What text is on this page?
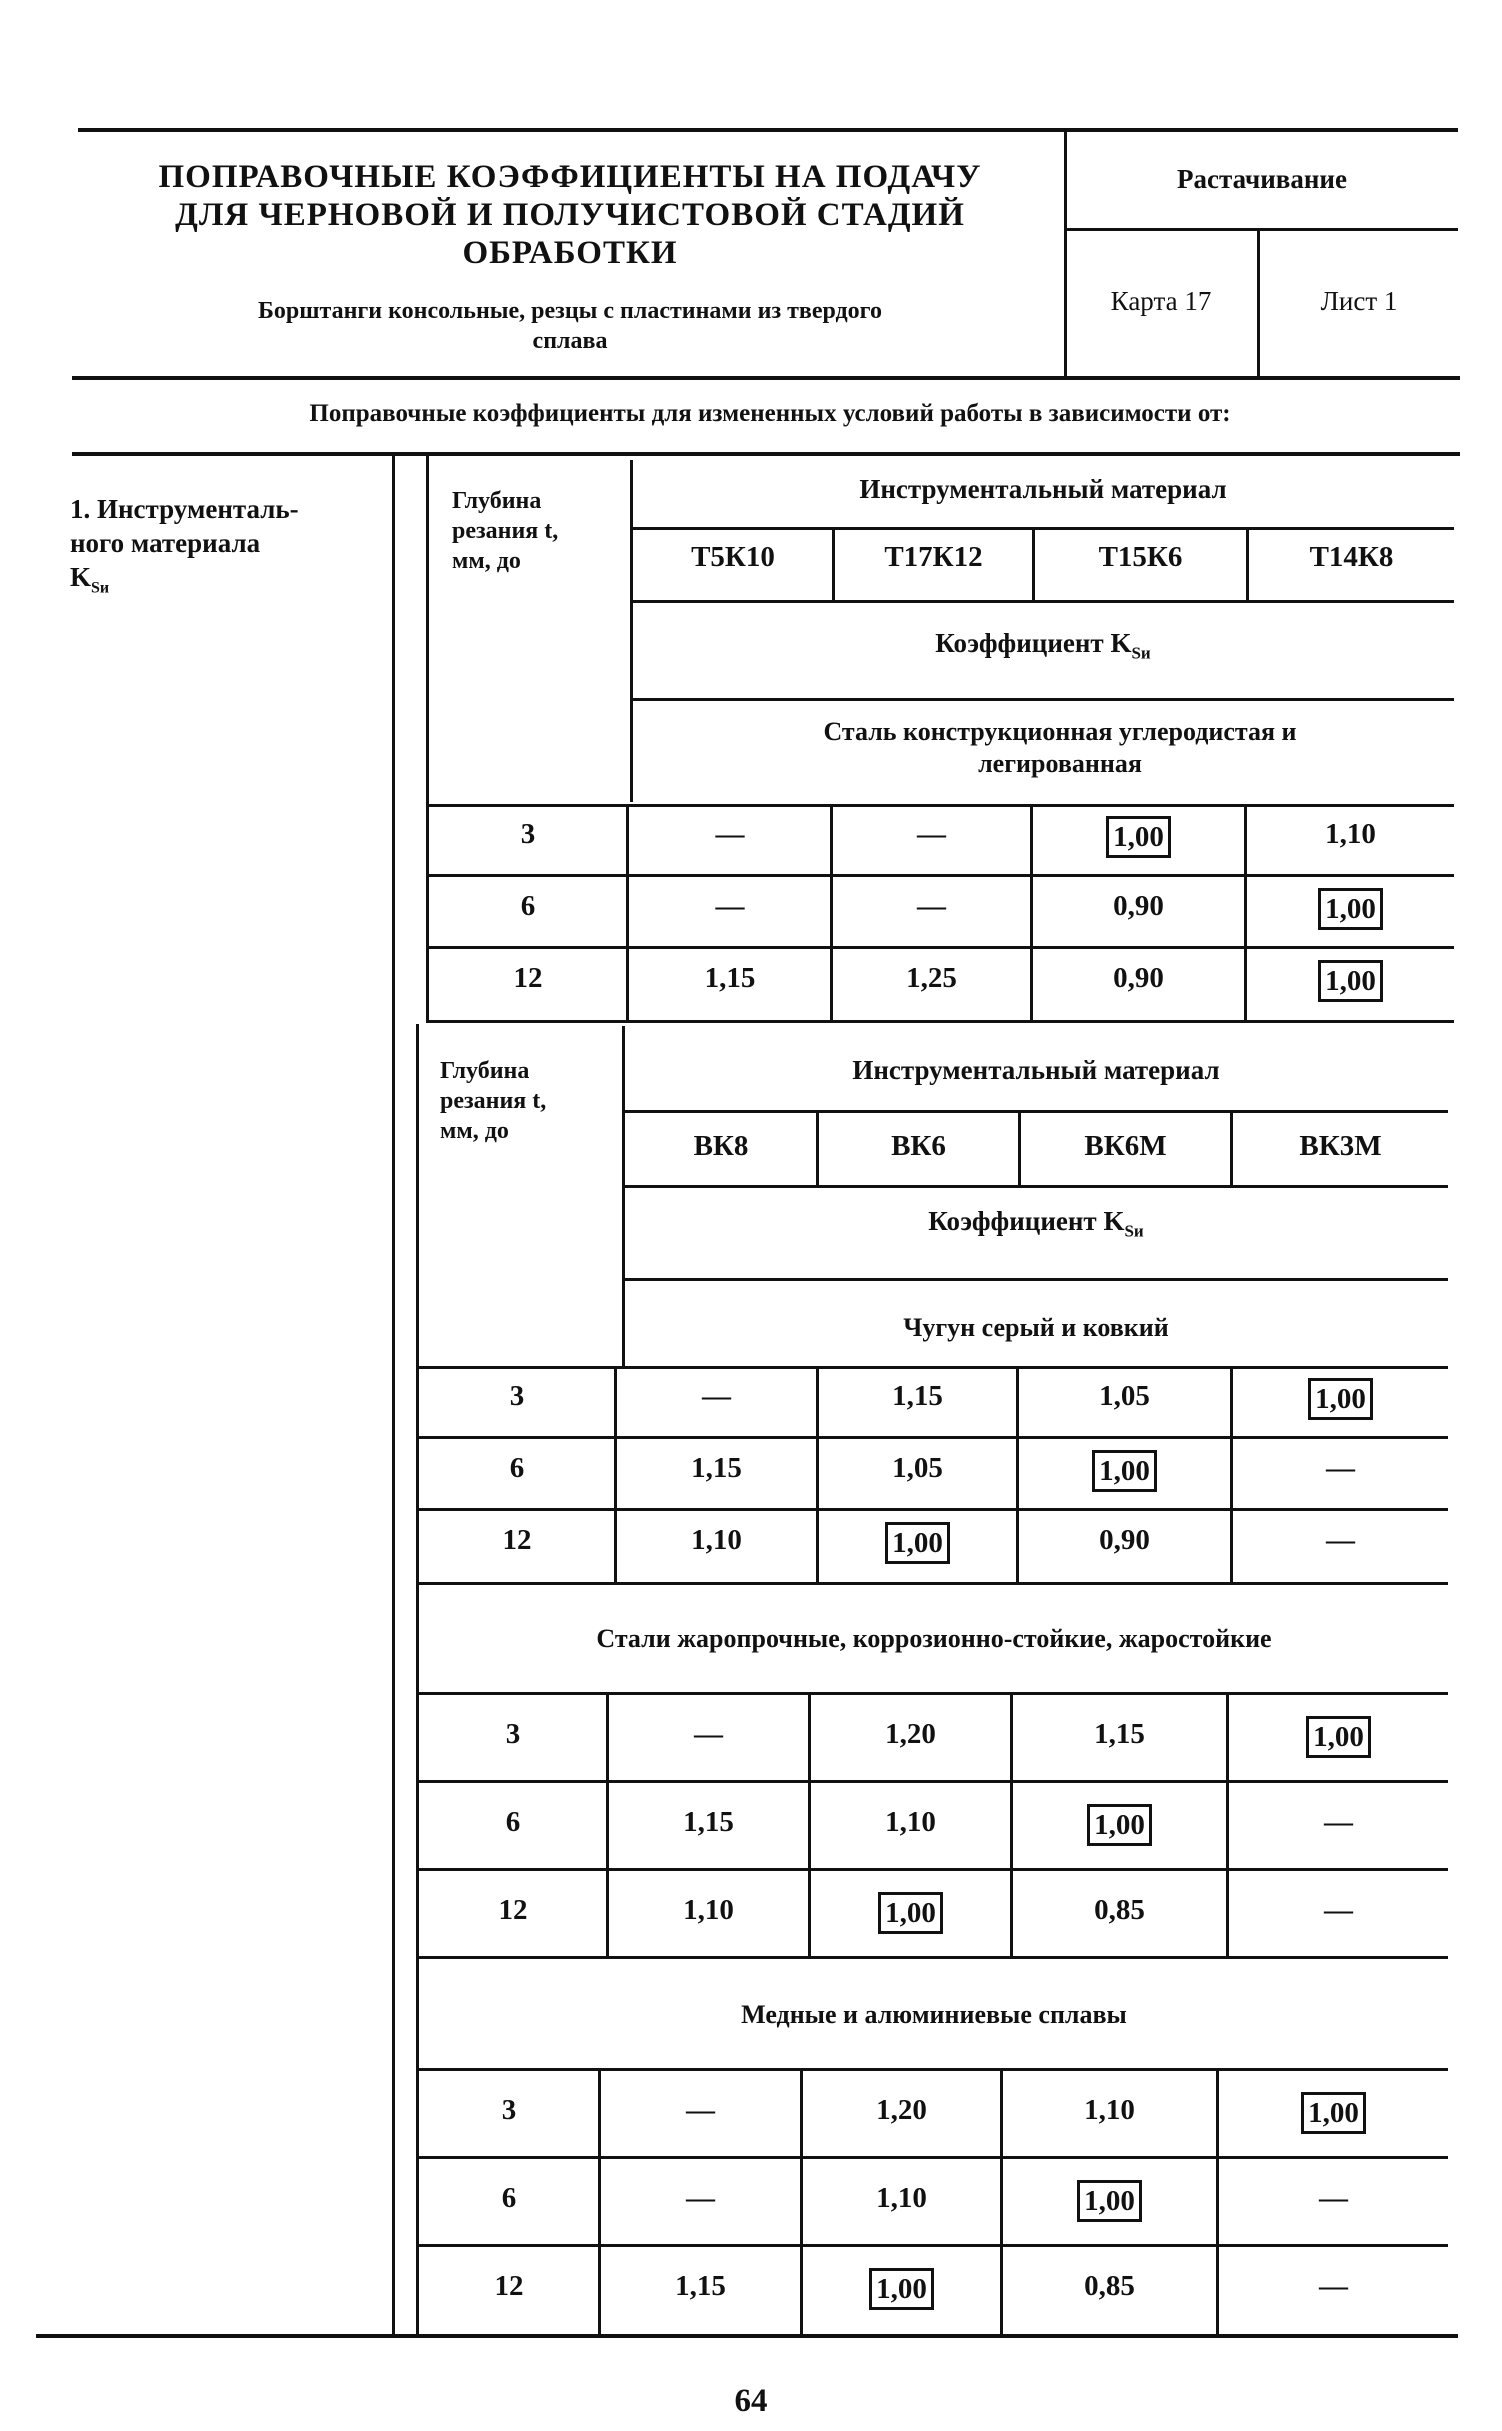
ПОПРАВОЧНЫЕ КОЭФФИЦИЕНТЫ НА ПОДАЧУ
ДЛЯ ЧЕРНОВОЙ И ПОЛУЧИСТОВОЙ СТАДИЙ
ОБРАБОТКИ
Борштанги консольные, резцы с пластинами из твердого
сплава
Растачивание
Карта 17	Лист 1
Поправочные коэффициенты для измененных условий работы в зависимости от:
1. Инструменталь-
ного материала
$K_{Sи}$
Глубина
резания t,
мм, до
Инструментальный материал
Т5К10	Т17К12	Т15К6	Т14К8
Коэффициент $K_{Sи}$
Сталь конструкционная углеродистая и легированная
3	—	—	1,00	1,10
6	—	—	0,90	1,00
12	1,15	1,25	0,90	1,00
Глубина
резания t,
мм, до
Инструментальный материал
ВК8	ВК6	ВК6М	ВК3М
Коэффициент $K_{Sи}$
Чугун серый и ковкий
3	—	1,15	1,05	1,00
6	1,15	1,05	1,00	—
12	1,10	1,00	0,90	—
Стали жаропрочные, коррозионно-стойкие, жаростойкие
3	—	1,20	1,15	1,00
6	1,15	1,10	1,00	—
12	1,10	1,00	0,85	—
Медные и алюминиевые сплавы
3	—	1,20	1,10	1,00
6	—	1,10	1,00	—
12	1,15	1,00	0,85	—
64
